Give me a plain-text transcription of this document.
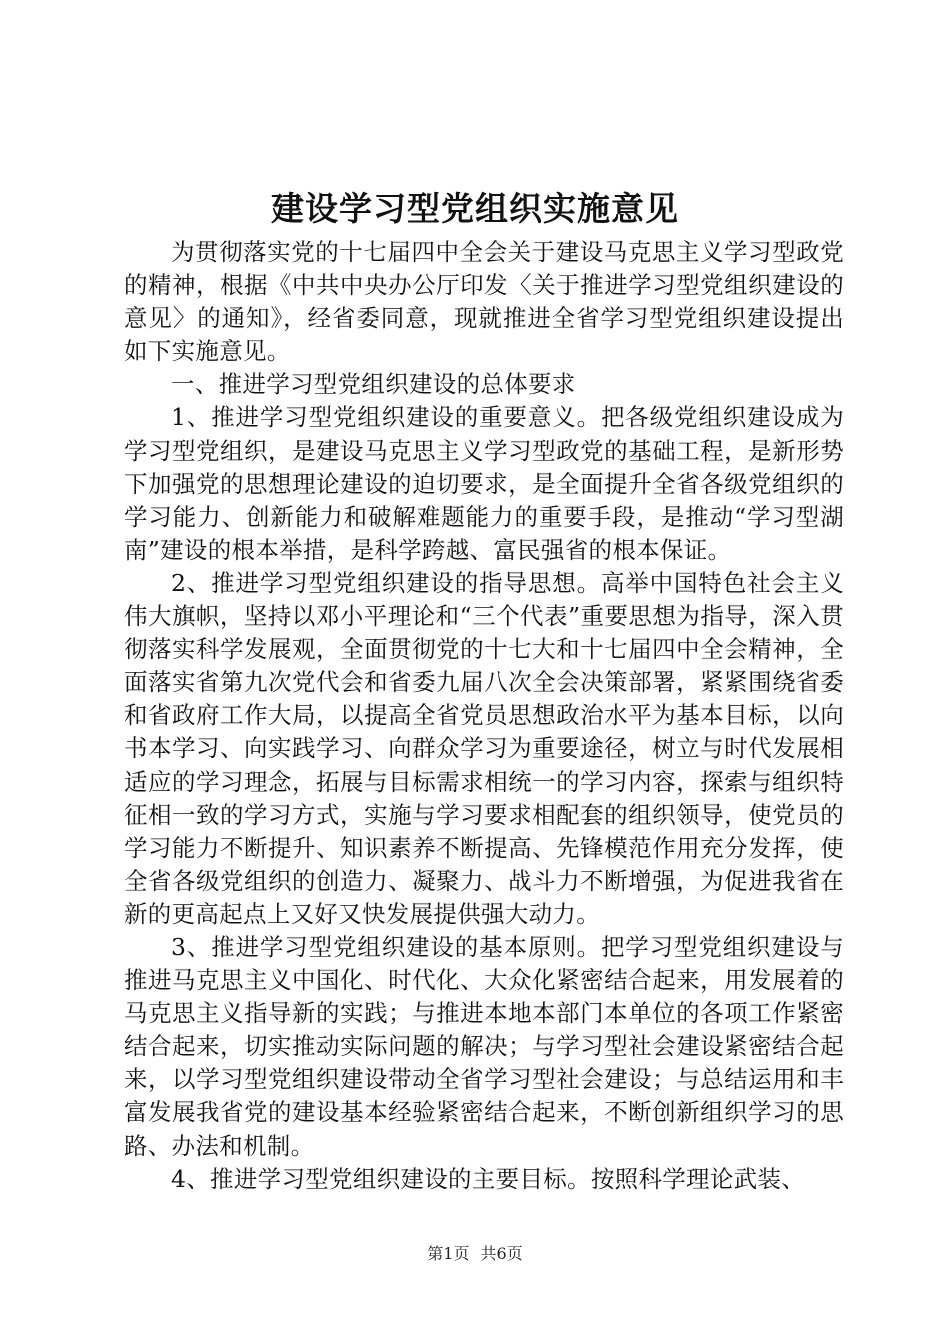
建设学习型党组织实施意见

为贯彻落实党的十七届四中全会关于建设马克思主义学习型政党的精神，根据《中共中央办公厅印发〈关于推进学习型党组织建设的意见〉的通知》，经省委同意，现就推进全省学习型党组织建设提出如下实施意见。

一、推进学习型党组织建设的总体要求

1、推进学习型党组织建设的重要意义。把各级党组织建设成为学习型党组织，是建设马克思主义学习型政党的基础工程，是新形势下加强党的思想理论建设的迫切要求，是全面提升全省各级党组织的学习能力、创新能力和破解难题能力的重要手段，是推动“学习型湖南”建设的根本举措，是科学跨越、富民强省的根本保证。

2、推进学习型党组织建设的指导思想。高举中国特色社会主义伟大旗帜，坚持以邓小平理论和“三个代表”重要思想为指导，深入贯彻落实科学发展观，全面贯彻党的十七大和十七届四中全会精神，全面落实省第九次党代会和省委九届八次全会决策部署，紧紧围绕省委和省政府工作大局，以提高全省党员思想政治水平为基本目标，以向书本学习、向实践学习、向群众学习为重要途径，树立与时代发展相适应的学习理念，拓展与目标需求相统一的学习内容，探索与组织特征相一致的学习方式，实施与学习要求相配套的组织领导，使党员的学习能力不断提升、知识素养不断提高、先锋模范作用充分发挥，使全省各级党组织的创造力、凝聚力、战斗力不断增强，为促进我省在新的更高起点上又好又快发展提供强大动力。

3、推进学习型党组织建设的基本原则。把学习型党组织建设与推进马克思主义中国化、时代化、大众化紧密结合起来，用发展着的马克思主义指导新的实践；与推进本地本部门本单位的各项工作紧密结合起来，切实推动实际问题的解决；与学习型社会建设紧密结合起来，以学习型党组织建设带动全省学习型社会建设；与总结运用和丰富发展我省党的建设基本经验紧密结合起来，不断创新组织学习的思路、办法和机制。

4、推进学习型党组织建设的主要目标。按照科学理论武装、

第1页 共6页
